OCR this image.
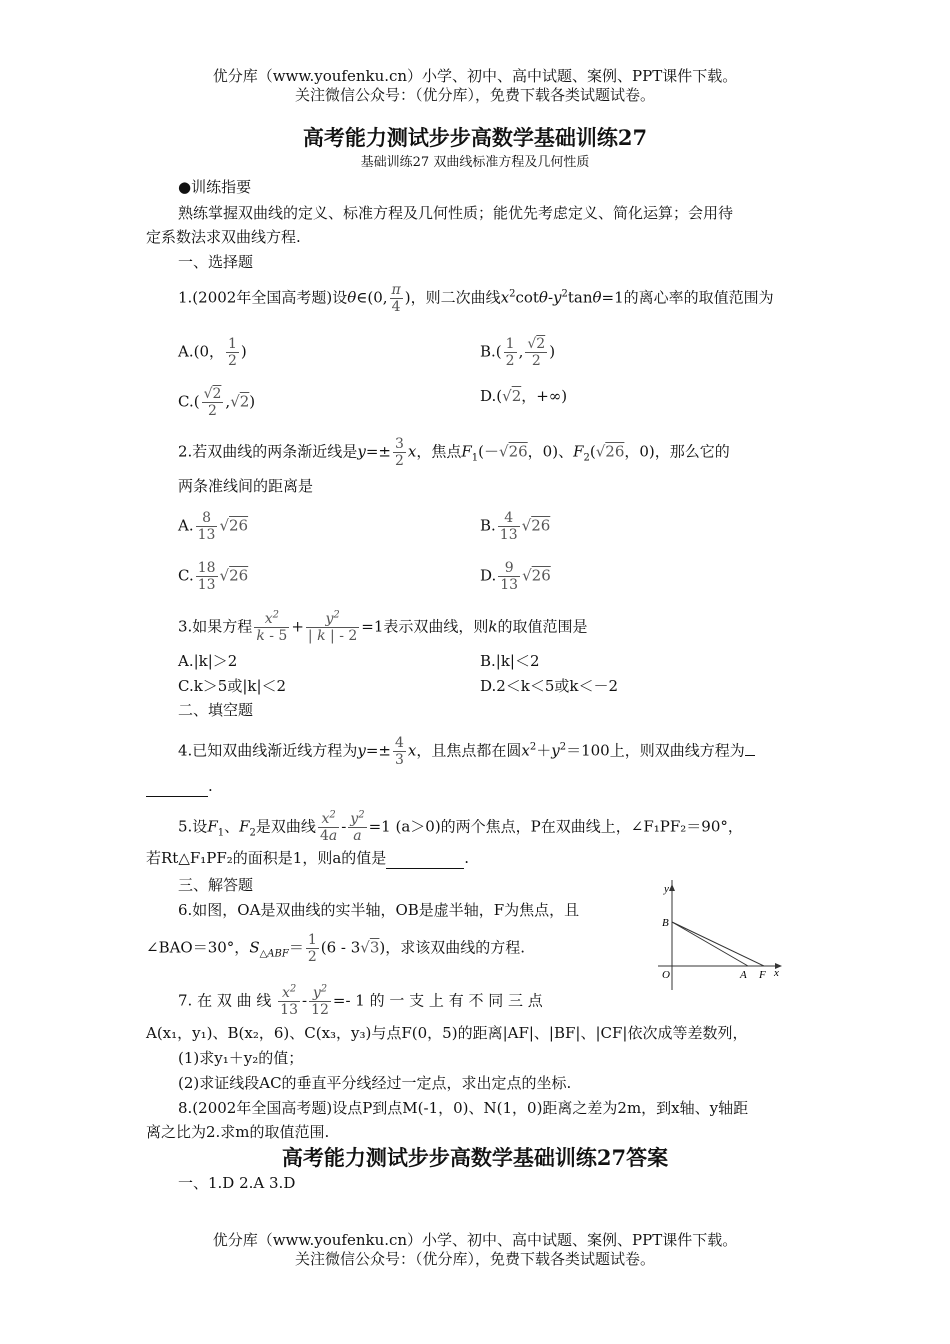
优分库（www.youfenku.cn）小学、初中、高中试题、案例、PPT课件下载。
关注微信公众号：（优分库），免费下载各类试题试卷。
高考能力测试步步高数学基础训练27
基础训练27 双曲线标准方程及几何性质
●训练指要
熟练掌握双曲线的定义、标准方程及几何性质；能优先考虑定义、简化运算；会用待
定系数法求双曲线方程.
一、选择题
1.(2002年全国高考题)设θ∈(0, $\frac{\pi}{4}$ )，则二次曲线$x^2\cot\theta-y^2\tan\theta=1$的离心率的取值范围为
A.(0， $\frac{1}{2}$ )	$B.( \frac{1}{2}$ , $\frac{√2}{2}$ )
$C.( \frac{√2}{2} ,√2)$	D.(√2，+∞)
2.若双曲线的两条渐近线是$y=\pm \frac{3}{2}$ x，焦点$F_1(-√26$，0)、$F_2(√26$，0)，那么它的
两条准线间的距离是
A. $\frac{8}{13} √26$	B. $\frac{4}{13} √26$
C. $\frac{18}{13} √26$	D. $\frac{9}{13} √26$
3.如果方程 $\frac{x^2}{k - 5} + \frac{y^2}{| k | - 2} =1$表示双曲线，则k的取值范围是
A.|k|＞2	B.|k|＜2
C.k＞5或|k|＜2	D.2＜k＜5或k＜－2
二、填空题
4.已知双曲线渐近线方程为$y=\pm \frac{4}{3}$ x，且焦点都在圆$x^2+y^2=100$上，则双曲线方程为
.
5.设$F_1$、$F_2$是双曲线 $\frac{x^2}{4a} - \frac{y^2}{a} =1$ (a＞0)的两个焦点，P在双曲线上，∠F₁PF₂＝90°，
若Rt△F₁PF₂的面积是1，则a的值是	.
三、解答题
6.如图，OA是双曲线的实半轴，OB是虚半轴，F为焦点，且
∠BAO＝30°，$S_{\triangle ABF}= \frac{1}{2} (6 - 3√3)$，求该双曲线的方程.
y
x
B
O	A F
7. 在 双 曲 线 $\frac{x^2}{13} - \frac{y^2}{12} =- 1$ 的 一 支 上 有 不 同 三 点
A(x₁，y₁)、B(x₂，6)、C(x₃，y₃)与点F(0，5)的距离|AF|、|BF|、|CF|依次成等差数列，
(1)求y₁＋y₂的值；
(2)求证线段AC的垂直平分线经过一定点，求出定点的坐标.
8.(2002年全国高考题)设点P到点M(-1，0)、N(1，0)距离之差为2m，到x轴、y轴距
离之比为2.求m的取值范围.
高考能力测试步步高数学基础训练27答案
一、1.D 2.A 3.D
优分库（www.youfenku.cn）小学、初中、高中试题、案例、PPT课件下载。
关注微信公众号：（优分库），免费下载各类试题试卷。
